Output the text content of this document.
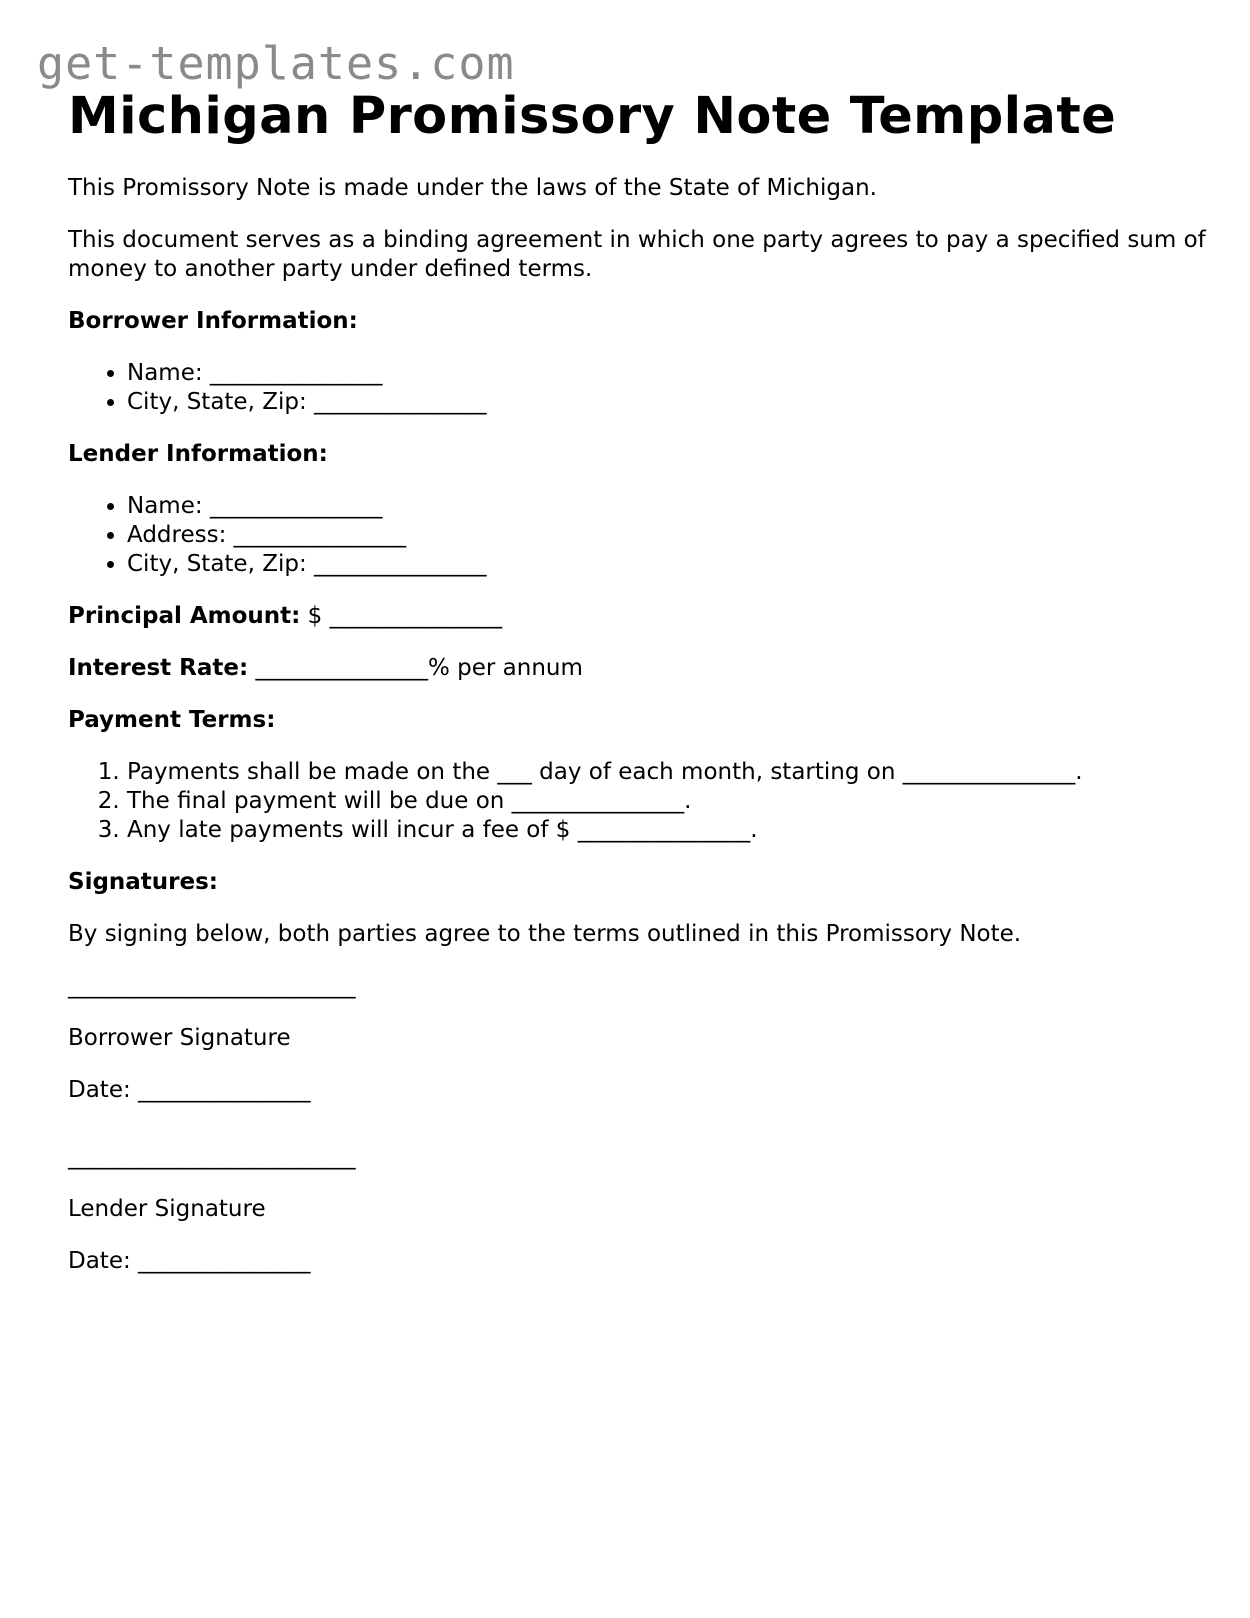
get-templates.com
Michigan Promissory Note Template

This Promissory Note is made under the laws of the State of Michigan.

This document serves as a binding agreement in which one party agrees to pay a specified sum of money to another party under defined terms.

Borrower Information:

• Name: _______________
• City, State, Zip: _______________

Lender Information:

• Name: _______________
• Address: _______________
• City, State, Zip: _______________

Principal Amount: $ _______________

Interest Rate: _______________% per annum

Payment Terms:

1. Payments shall be made on the ___ day of each month, starting on _______________.
2. The final payment will be due on _______________.
3. Any late payments will incur a fee of $ _______________.

Signatures:

By signing below, both parties agree to the terms outlined in this Promissory Note.

_________________________

Borrower Signature

Date: _______________

_________________________

Lender Signature

Date: _______________
